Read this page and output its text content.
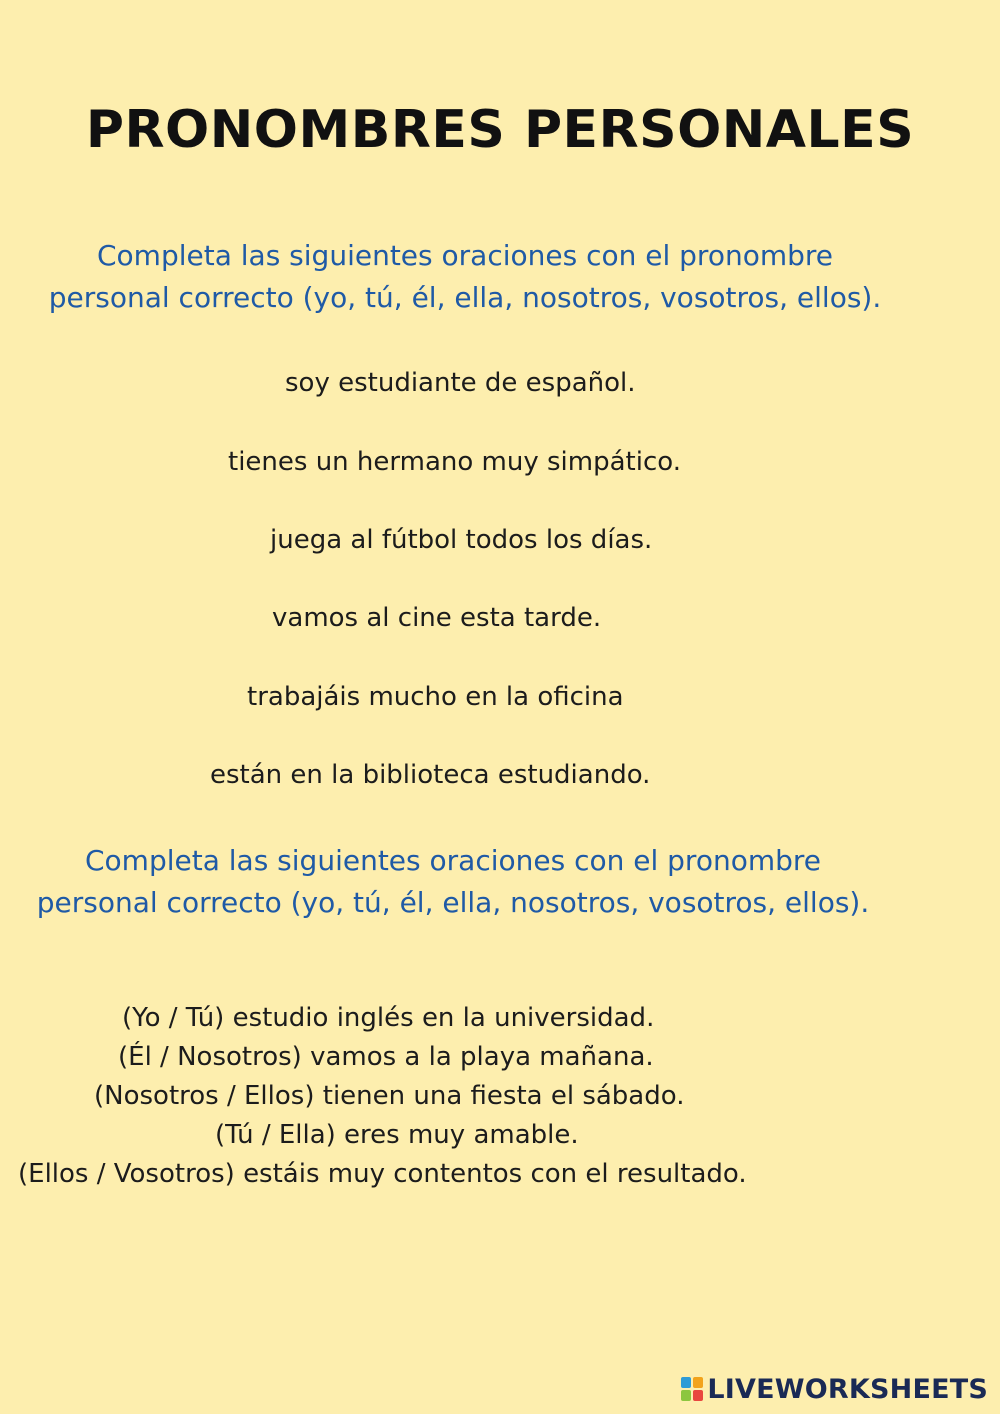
PRONOMBRES PERSONALES

Completa las siguientes oraciones con el pronombre
personal correcto (yo, tú, él, ella, nosotros, vosotros, ellos).

soy estudiante de español.
tienes un hermano muy simpático.
juega al fútbol todos los días.
vamos al cine esta tarde.
trabajáis mucho en la oficina
están en la biblioteca estudiando.

Completa las siguientes oraciones con el pronombre
personal correcto (yo, tú, él, ella, nosotros, vosotros, ellos).

(Yo / Tú) estudio inglés en la universidad.
(Él / Nosotros) vamos a la playa mañana.
(Nosotros / Ellos) tienen una fiesta el sábado.
(Tú / Ella) eres muy amable.
(Ellos / Vosotros) estáis muy contentos con el resultado.
LIVEWORKSHEETS
